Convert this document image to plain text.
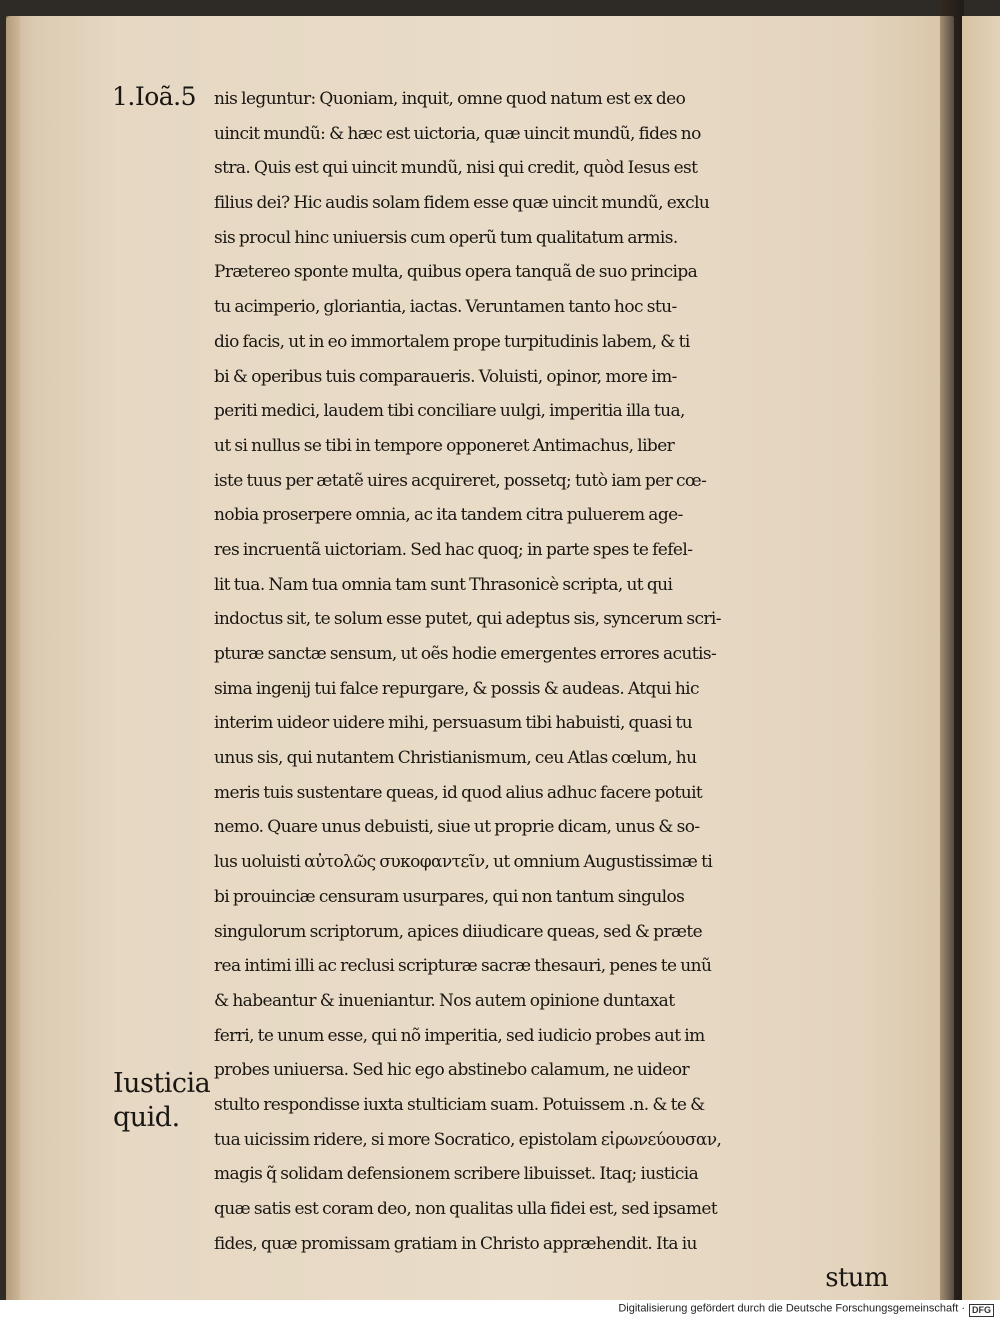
1.Ioã.5
Iusticia
quid.
nis leguntur: Quoniam, inquit, omne quod natum est ex deo
uincit mundũ: & hæc est uictoria, quæ uincit mundũ, fides no
stra. Quis est qui uincit mundũ, nisi qui credit, quòd Iesus est
filius dei? Hic audis solam fidem esse quæ uincit mundũ, exclu
sis procul hinc uniuersis cum operũ tum qualitatum armis.
Prætereo sponte multa, quibus opera tanquã de suo principa
tu acimperio, gloriantia, iactas. Veruntamen tanto hoc stu-
dio facis, ut in eo immortalem prope turpitudinis labem, & ti
bi & operibus tuis comparaueris. Voluisti, opinor, more im-
periti medici, laudem tibi conciliare uulgi, imperitia illa tua,
ut si nullus se tibi in tempore opponeret Antimachus, liber
iste tuus per ætatẽ uires acquireret, possetq; tutò iam per cœ-
nobia proserpere omnia, ac ita tandem citra puluerem age-
res incruentã uictoriam. Sed hac quoq; in parte spes te fefel-
lit tua. Nam tua omnia tam sunt Thrasonicè scripta, ut qui
indoctus sit, te solum esse putet, qui adeptus sis, syncerum scri-
pturæ sanctæ sensum, ut oẽs hodie emergentes errores acutis-
sima ingenij tui falce repurgare, & possis & audeas. Atqui hic
interim uideor uidere mihi, persuasum tibi habuisti, quasi tu
unus sis, qui nutantem Christianismum, ceu Atlas cœlum, hu
meris tuis sustentare queas, id quod alius adhuc facere potuit
nemo. Quare unus debuisti, siue ut proprie dicam, unus & so-
lus uoluisti αὐτολῶς συκοφαντεῖν, ut omnium Augustissimæ ti
bi prouinciæ censuram usurpares, qui non tantum singulos
singulorum scriptorum, apices diiudicare queas, sed & præte
rea intimi illi ac reclusi scripturæ sacræ thesauri, penes te unũ
& habeantur & inueniantur. Nos autem opinione duntaxat
ferri, te unum esse, qui nõ imperitia, sed iudicio probes aut im
probes uniuersa. Sed hic ego abstinebo calamum, ne uideor
stulto respondisse iuxta stulticiam suam. Potuissem .n. & te &
tua uicissim ridere, si more Socratico, epistolam εἰρωνεύουσαν,
magis q̃ solidam defensionem scribere libuisset. Itaq; iusticia
quæ satis est coram deo, non qualitas ulla fidei est, sed ipsamet
fides, quæ promissam gratiam in Christo appræhendit. Ita iu
stum
Digitalisierung gefördert durch die Deutsche Forschungsgemeinschaft · DFG
